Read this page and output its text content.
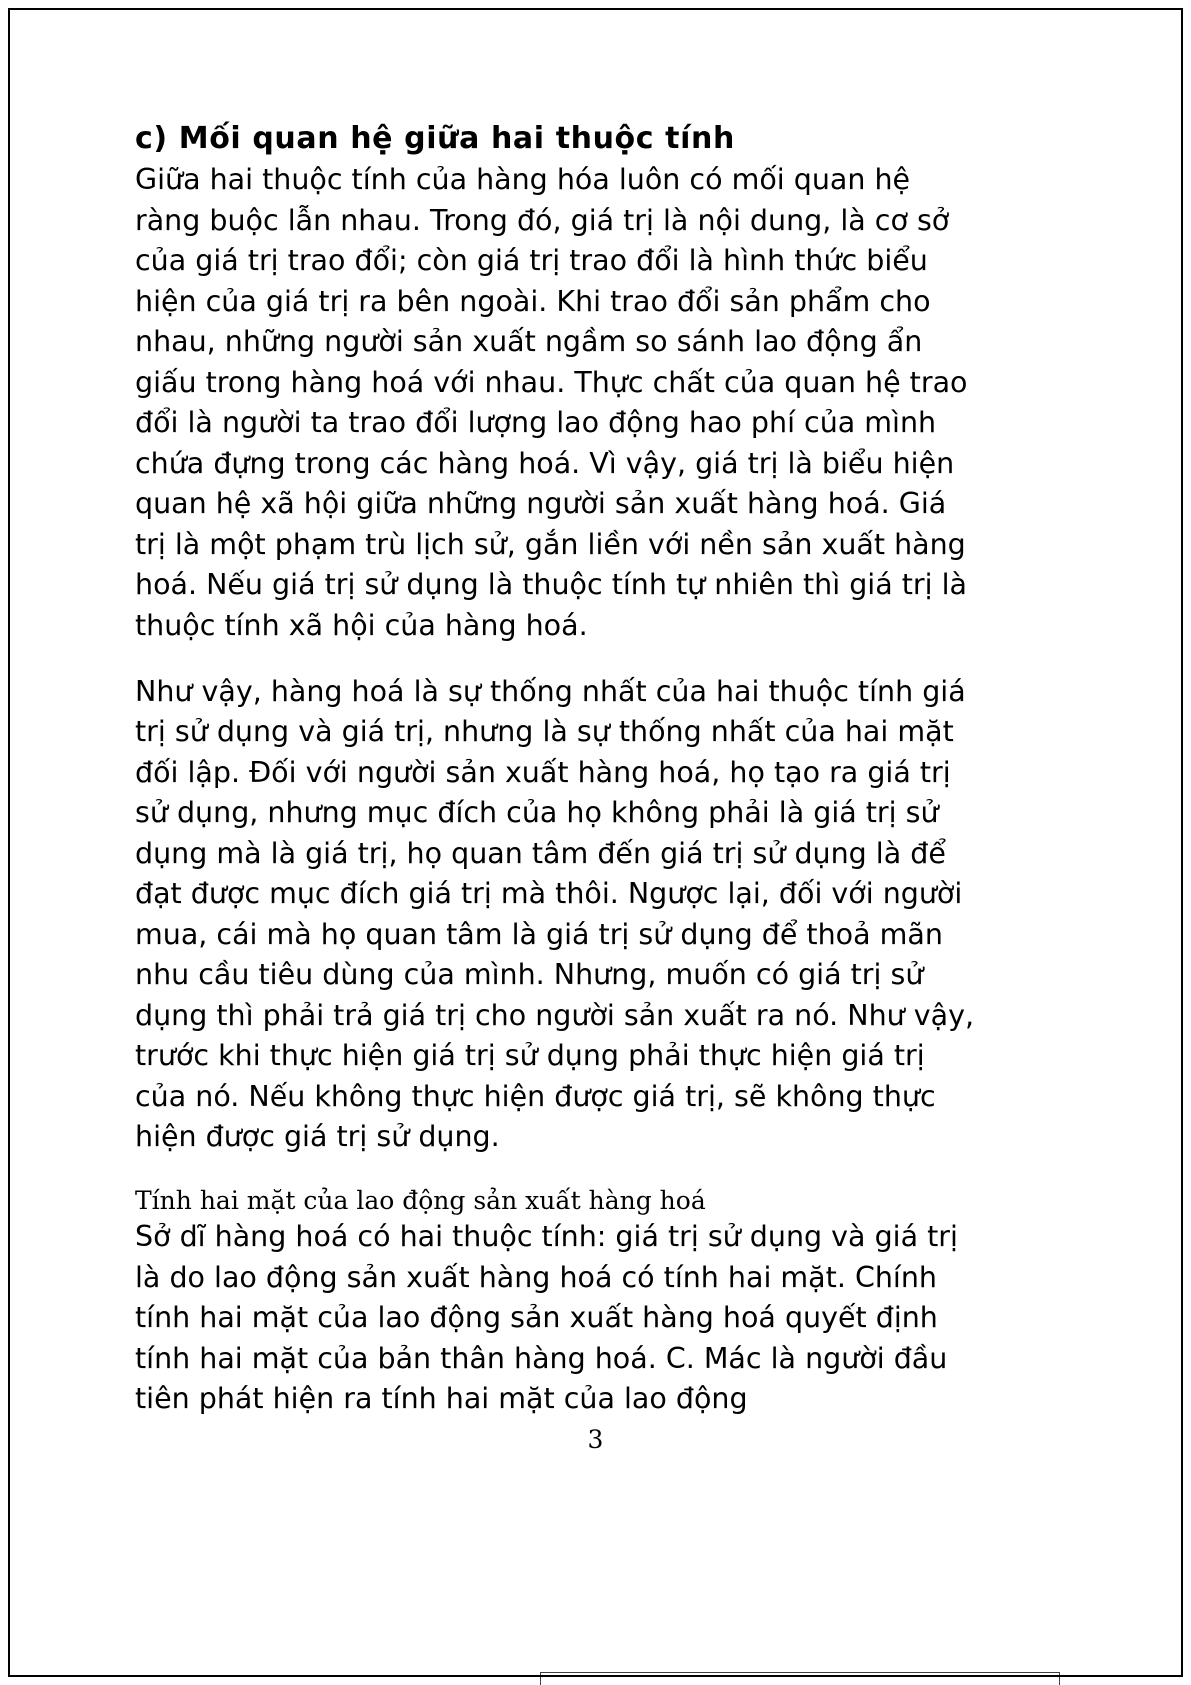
c) Mối quan hệ giữa hai thuộc tính

Giữa hai thuộc tính của hàng hóa luôn có mối quan hệ ràng buộc lẫn nhau. Trong đó, giá trị là nội dung, là cơ sở của giá trị trao đổi; còn giá trị trao đổi là hình thức biểu hiện của giá trị ra bên ngoài. Khi trao đổi sản phẩm cho nhau, những người sản xuất ngầm so sánh lao động ẩn giấu trong hàng hoá với nhau. Thực chất của quan hệ trao đổi là người ta trao đổi lượng lao động hao phí của mình chứa đựng trong các hàng hoá. Vì vậy, giá trị là biểu hiện quan hệ xã hội giữa những người sản xuất hàng hoá. Giá trị là một phạm trù lịch sử, gắn liền với nền sản xuất hàng hoá. Nếu giá trị sử dụng là thuộc tính tự nhiên thì giá trị là thuộc tính xã hội của hàng hoá.

Như vậy, hàng hoá là sự thống nhất của hai thuộc tính giá trị sử dụng và giá trị, nhưng là sự thống nhất của hai mặt đối lập. Đối với người sản xuất hàng hoá, họ tạo ra giá trị sử dụng, nhưng mục đích của họ không phải là giá trị sử dụng mà là giá trị, họ quan tâm đến giá trị sử dụng là để đạt được mục đích giá trị mà thôi. Ngược lại, đối với người mua, cái mà họ quan tâm là giá trị sử dụng để thoả mãn nhu cầu tiêu dùng của mình. Nhưng, muốn có giá trị sử dụng thì phải trả giá trị cho người sản xuất ra nó. Như vậy, trước khi thực hiện giá trị sử dụng phải thực hiện giá trị của nó. Nếu không thực hiện được giá trị, sẽ không thực hiện được giá trị sử dụng.

Tính hai mặt của lao động sản xuất hàng hoá

Sở dĩ hàng hoá có hai thuộc tính: giá trị sử dụng và giá trị là do lao động sản xuất hàng hoá có tính hai mặt. Chính tính hai mặt của lao động sản xuất hàng hoá quyết định tính hai mặt của bản thân hàng hoá. C. Mác là người đầu tiên phát hiện ra tính hai mặt của lao động

3
